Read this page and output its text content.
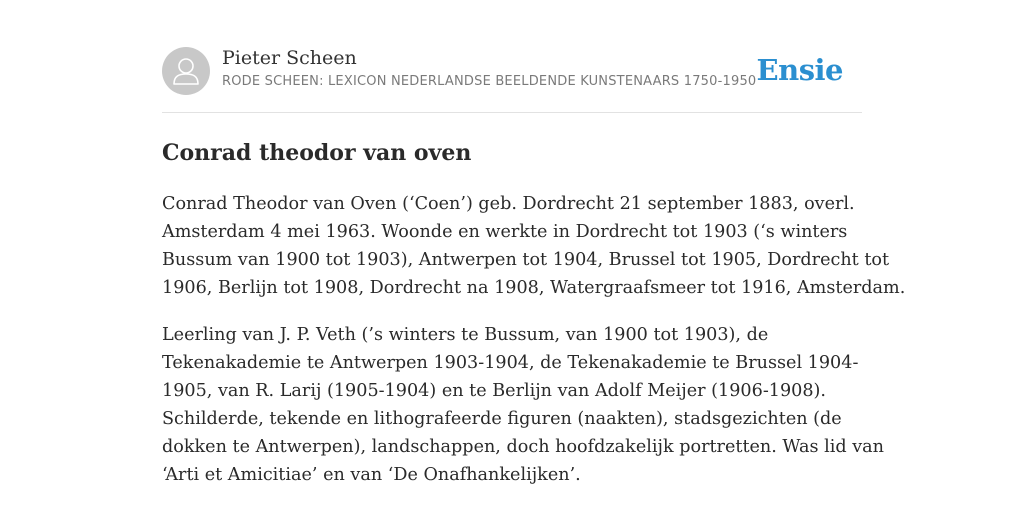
Pieter Scheen
RODE SCHEEN: LEXICON NEDERLANDSE BEELDENDE KUNSTENAARS 1750-1950 Ensie
Conrad theodor van oven
Conrad Theodor van Oven (‘Coen’) geb. Dordrecht 21 september 1883, overl.
Amsterdam 4 mei 1963. Woonde en werkte in Dordrecht tot 1903 (‘s winters
Bussum van 1900 tot 1903), Antwerpen tot 1904, Brussel tot 1905, Dordrecht tot
1906, Berlijn tot 1908, Dordrecht na 1908, Watergraafsmeer tot 1916, Amsterdam.
Leerling van J. P. Veth (’s winters te Bussum, van 1900 tot 1903), de
Tekenakademie te Antwerpen 1903-1904, de Tekenakademie te Brussel 1904-
1905, van R. Larij (1905-1904) en te Berlijn van Adolf Meijer (1906-1908).
Schilderde, tekende en lithografeerde figuren (naakten), stadsgezichten (de
dokken te Antwerpen), landschappen, doch hoofdzakelijk portretten. Was lid van
‘Arti et Amicitiae’ en van ‘De Onafhankelijken’.
